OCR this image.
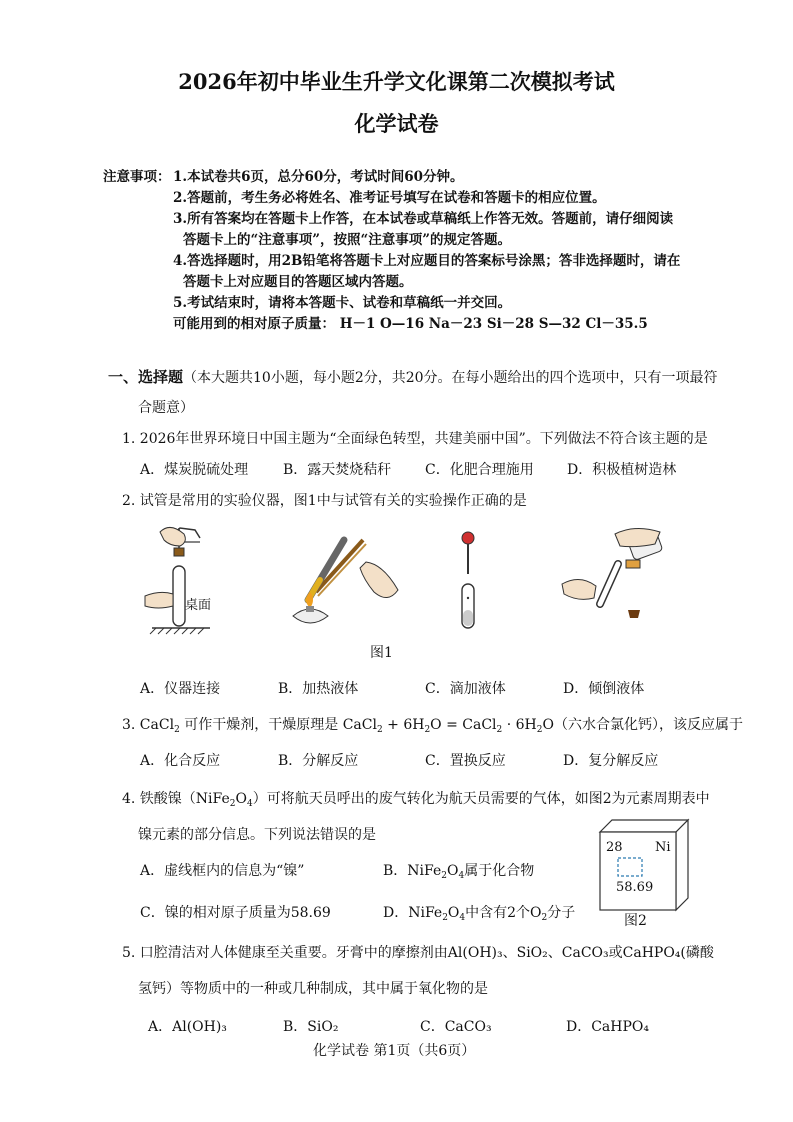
2026年初中毕业生升学文化课第二次模拟考试
化学试卷
注意事项： 1.本试卷共6页，总分60分，考试时间60分钟。
2.答题前，考生务必将姓名、准考证号填写在试卷和答题卡的相应位置。
3.所有答案均在答题卡上作答，在本试卷或草稿纸上作答无效。答题前，请仔细阅读
答题卡上的“注意事项”，按照“注意事项”的规定答题。
4.答选择题时，用2B铅笔将答题卡上对应题目的答案标号涂黑；答非选择题时，请在
答题卡上对应题目的答题区域内答题。
5.考试结束时，请将本答题卡、试卷和草稿纸一并交回。
可能用到的相对原子质量： H－1 O—16 Na－23 Si－28 S—32 Cl－35.5
一、选择题（本大题共10小题，每小题2分，共20分。在每小题给出的四个选项中，只有一项最符
合题意）
1. 2026年世界环境日中国主题为“全面绿色转型，共建美丽中国”。下列做法不符合该主题的是
A．煤炭脱硫处理 B．露天焚烧秸秆 C．化肥合理施用 D．积极植树造林
2. 试管是常用的实验仪器，图1中与试管有关的实验操作正确的是
桌面
图1
A．仪器连接	B．加热液体	C．滴加液体	D．倾倒液体
3. CaCl$_2$ 可作干燥剂，干燥原理是 CaCl$_2$ + $6H_2O$ = CaCl$_2$ · $6H_2O$（六水合氯化钙），该反应属于
A．化合反应	B．分解反应	C．置换反应	D．复分解反应
4. 铁酸镍$(NiFe_2O_4)$可将航天员呼出的废气转化为航天员需要的气体，如图2为元素周期表中
镍元素的部分信息。下列说法错误的是
A．虚线框内的信息为“镍”	B．$NiFe_2O_4$属于化合物
C．镍的相对原子质量为58.69	D．$NiFe_2O_4$中含有2个$O_2$分子
28 Ni
58.69
图2
5. 口腔清洁对人体健康至关重要。牙膏中的摩擦剂由Al(OH)₃、SiO₂、CaCO₃或CaHPO₄(磷酸
氢钙）等物质中的一种或几种制成，其中属于氧化物的是
A．Al(OH)₃	B．SiO₂	C．CaCO₃	D．CaHPO₄
化学试卷 第1页（共6页）
